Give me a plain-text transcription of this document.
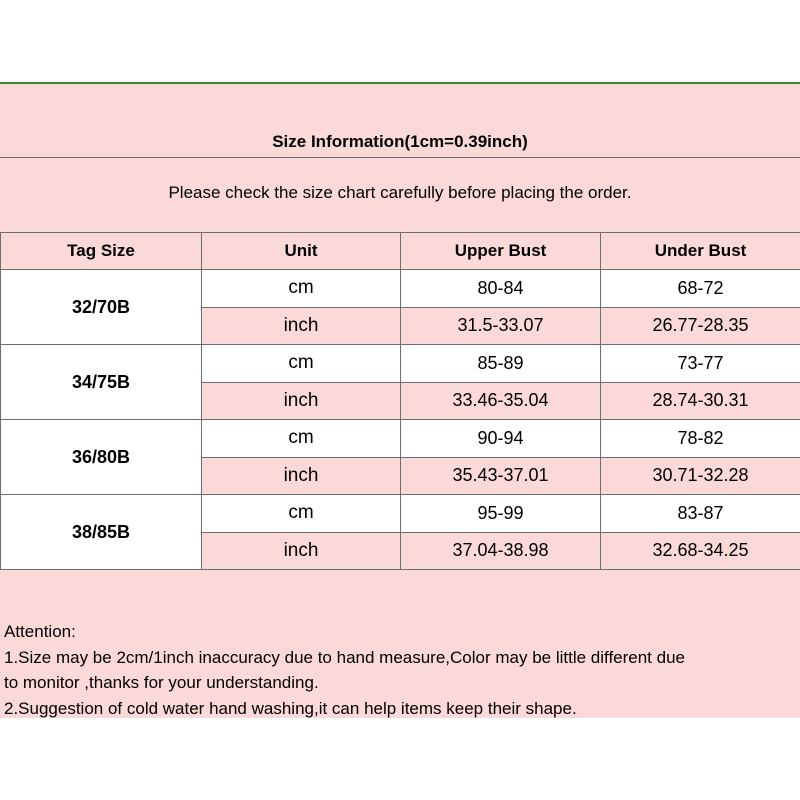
Size Information(1cm=0.39inch)
Please check the size chart carefully before placing the order.
Tag Size	Unit	Upper Bust	Under Bust
32/70B	cm	80-84	68-72
	inch	31.5-33.07	26.77-28.35
34/75B	cm	85-89	73-77
	inch	33.46-35.04	28.74-30.31
36/80B	cm	90-94	78-82
	inch	35.43-37.01	30.71-32.28
38/85B	cm	95-99	83-87
	inch	37.04-38.98	32.68-34.25
Attention:
1.Size may be 2cm/1inch inaccuracy due to hand measure,Color may be little different due
to monitor ,thanks for your understanding.
2.Suggestion of cold water hand washing,it can help items keep their shape.
